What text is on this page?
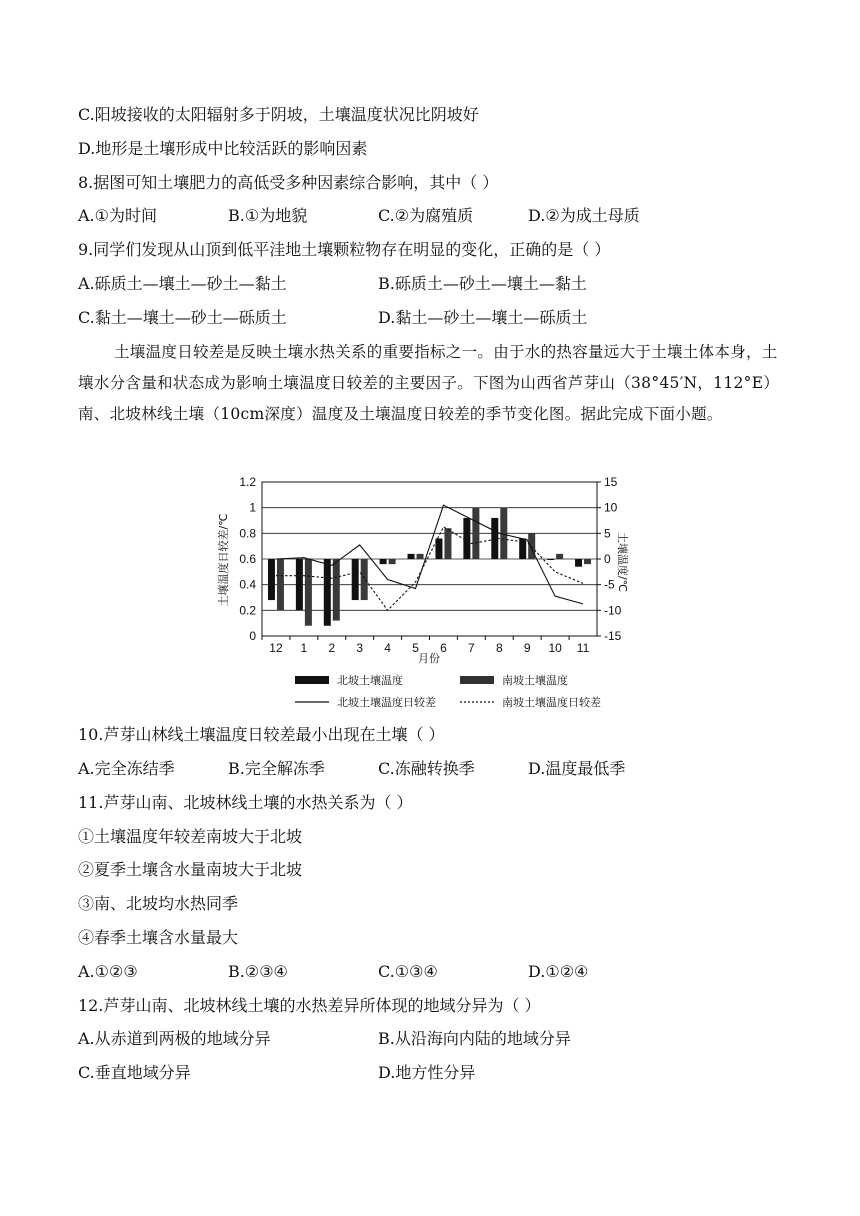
C.阳坡接收的太阳辐射多于阴坡，土壤温度状况比阴坡好
D.地形是土壤形成中比较活跃的影响因素
8.据图可知土壤肥力的高低受多种因素综合影响，其中（ ）
A.①为时间	B.①为地貌	C.②为腐殖质	D.②为成土母质
9.同学们发现从山顶到低平洼地土壤颗粒物存在明显的变化，正确的是（ ）
A.砾质土—壤土—砂土—黏土	B.砾质土—砂土—壤土—黏土
C.黏土—壤土—砂土—砾质土	D.黏土—砂土—壤土—砾质土
土壤温度日较差是反映土壤水热关系的重要指标之一。由于水的热容量远大于土壤土体本身，土壤水分含量和状态成为影响土壤温度日较差的主要因子。下图为山西省芦芽山（38°45′N，112°E）南、北坡林线土壤（10cm深度）温度及土壤温度日较差的季节变化图。据此完成下面小题。
0
0.2
0.4
0.6
0.8
1
1.2
-15
-10
-5
0
5
10
15
12 1 2 3 4 5 6 7 8 9 10 11
土壤温度日较差/℃	土壤温度/℃
月份
北坡土壤温度	南坡土壤温度
北坡土壤温度日较差	南坡土壤温度日较差
10.芦芽山林线土壤温度日较差最小出现在土壤（ ）
A.完全冻结季	B.完全解冻季	C.冻融转换季	D.温度最低季
11.芦芽山南、北坡林线土壤的水热关系为（ ）
①土壤温度年较差南坡大于北坡
②夏季土壤含水量南坡大于北坡
③南、北坡均水热同季
④春季土壤含水量最大
A.①②③	B.②③④	C.①③④	D.①②④
12.芦芽山南、北坡林线土壤的水热差异所体现的地域分异为（ ）
A.从赤道到两极的地域分异	B.从沿海向内陆的地域分异
C.垂直地域分异	D.地方性分异
